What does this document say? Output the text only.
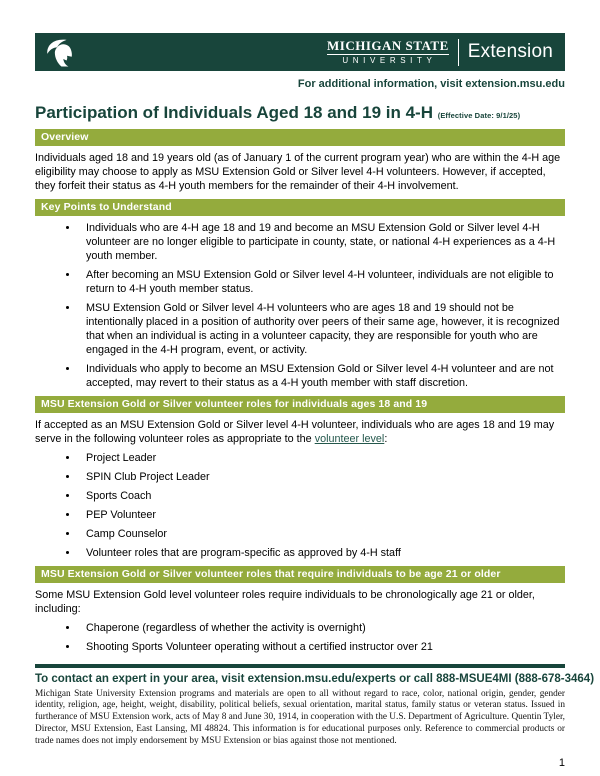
MICHIGAN STATE
UNIVERSITY	Extension
For additional information, visit extension.msu.edu
Participation of Individuals Aged 18 and 19 in 4-H (Effective Date: 9/1/25)
Overview

Individuals aged 18 and 19 years old (as of January 1 of the current program year) who are within the 4-H age eligibility may choose to apply as MSU Extension Gold or Silver level 4-H volunteers. However, if accepted, they forfeit their status as 4-H youth members for the remainder of their 4-H involvement.

Key Points to Understand
• Individuals who are 4-H age 18 and 19 and become an MSU Extension Gold or Silver level 4-H volunteer are no longer eligible to participate in county, state, or national 4-H experiences as a 4-H youth member.
• After becoming an MSU Extension Gold or Silver level 4-H volunteer, individuals are not eligible to return to 4-H youth member status.
• MSU Extension Gold or Silver level 4-H volunteers who are ages 18 and 19 should not be intentionally placed in a position of authority over peers of their same age, however, it is recognized that when an individual is acting in a volunteer capacity, they are responsible for youth who are engaged in the 4-H program, event, or activity.
• Individuals who apply to become an MSU Extension Gold or Silver level 4-H volunteer and are not accepted, may revert to their status as a 4-H youth member with staff discretion.
MSU Extension Gold or Silver volunteer roles for individuals ages 18 and 19

If accepted as an MSU Extension Gold or Silver level 4-H volunteer, individuals who are ages 18 and 19 may serve in the following volunteer roles as appropriate to the volunteer level:

• Project Leader
• SPIN Club Project Leader
• Sports Coach
• PEP Volunteer
• Camp Counselor
• Volunteer roles that are program-specific as approved by 4-H staff
MSU Extension Gold or Silver volunteer roles that require individuals to be age 21 or older

Some MSU Extension Gold level volunteer roles require individuals to be chronologically age 21 or older, including:

• Chaperone (regardless of whether the activity is overnight)
• Shooting Sports Volunteer operating without a certified instructor over 21
To contact an expert in your area, visit extension.msu.edu/experts or call 888-MSUE4MI (888-678-3464)

Michigan State University Extension programs and materials are open to all without regard to race, color, national origin, gender, gender identity, religion, age, height, weight, disability, political beliefs, sexual orientation, marital status, family status or veteran status. Issued in furtherance of MSU Extension work, acts of May 8 and June 30, 1914, in cooperation with the U.S. Department of Agriculture. Quentin Tyler, Director, MSU Extension, East Lansing, MI 48824. This information is for educational purposes only. Reference to commercial products or trade names does not imply endorsement by MSU Extension or bias against those not mentioned.

1
